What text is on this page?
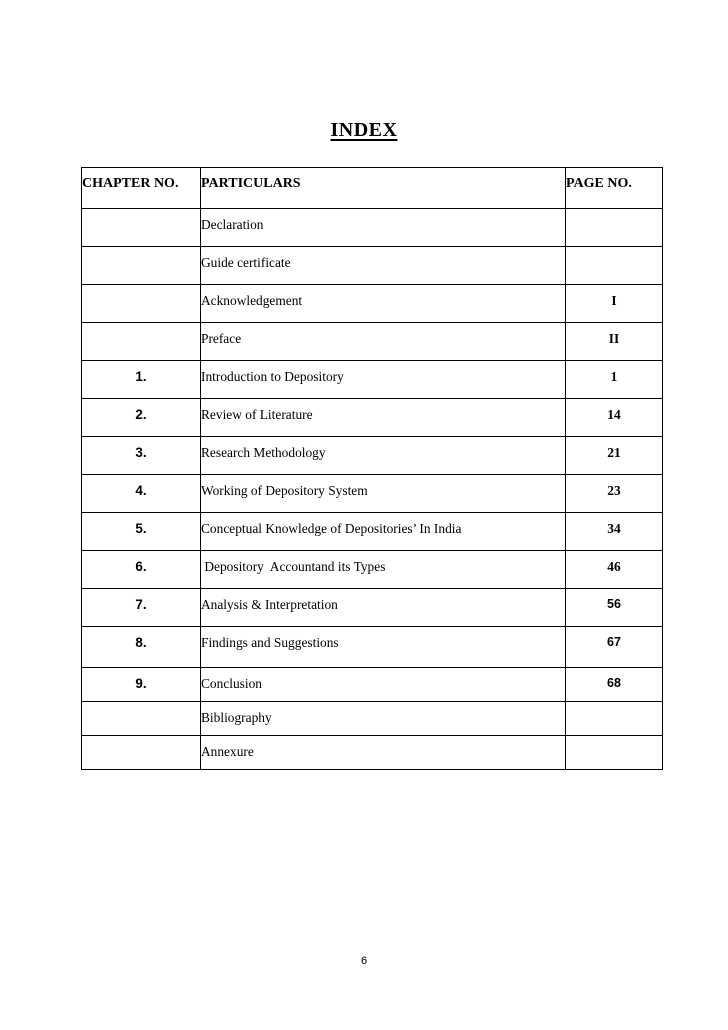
INDEX
CHAPTER NO.	PARTICULARS	PAGE NO.
	Declaration	
	Guide certificate	
	Acknowledgement	I
	Preface	II
1.	Introduction to Depository	1
2.	Review of Literature	14
3.	Research Methodology	21
4.	Working of Depository System	23
5.	Conceptual Knowledge of Depositories’ In India	34
6.	Depository  Accountand its Types	46
7.	Analysis & Interpretation	56
8.	Findings and Suggestions	67
9.	Conclusion	68
	Bibliography	
	Annexure	
6
